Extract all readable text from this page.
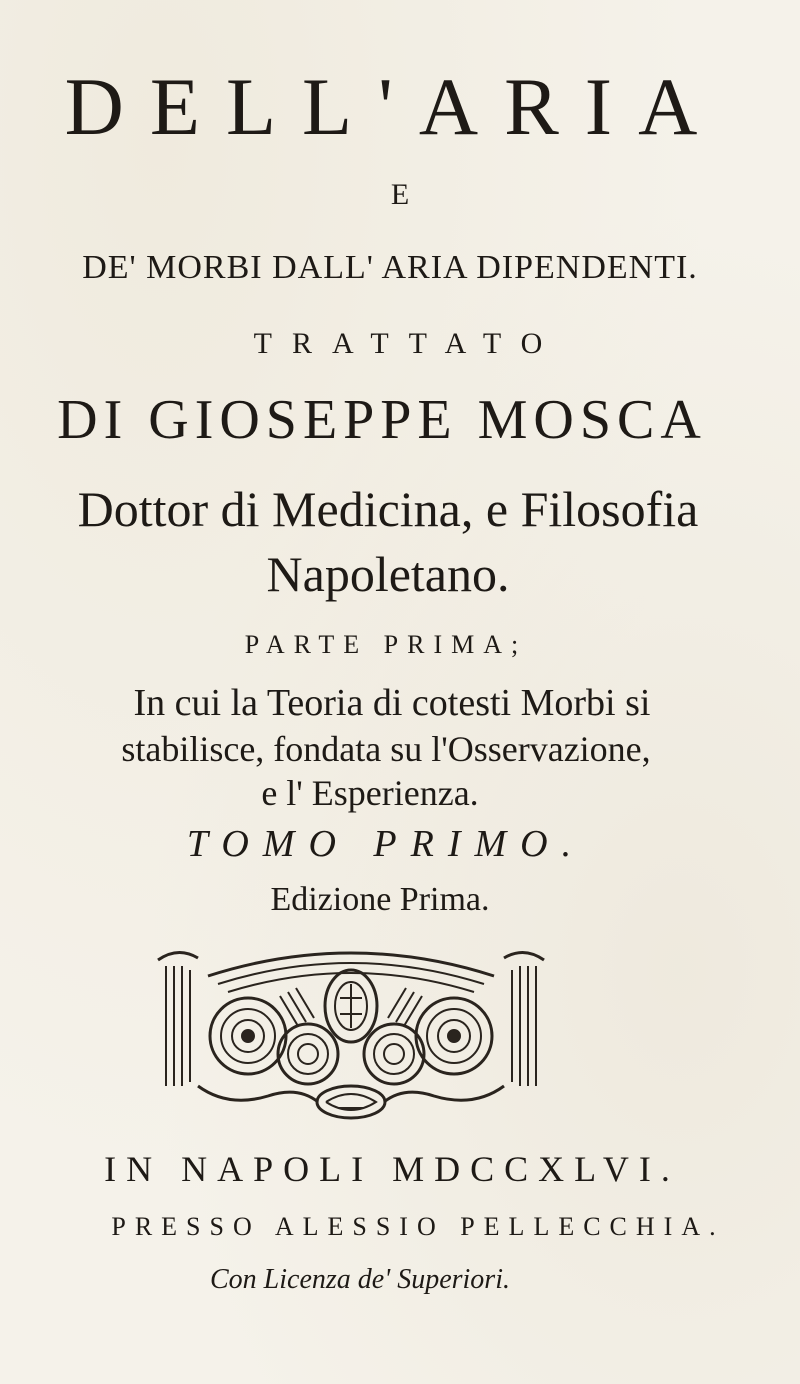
DELL'ARIA
E
DE' MORBI DALL' ARIA DIPENDENTI.
TRATTATO
DI GIOSEPPE MOSCA
Dottor di Medicina, e Filosofia
Napoletano.
PARTE PRIMA;
In cui la Teoria di cotesti Morbi si
stabilisce, fondata su l'Osservazione,
e l' Esperienza.
TOMO PRIMO.
Edizione Prima.
IN NAPOLI MDCCXLVI.
PRESSO ALESSIO PELLECCHIA.
Con Licenza de' Superiori.
